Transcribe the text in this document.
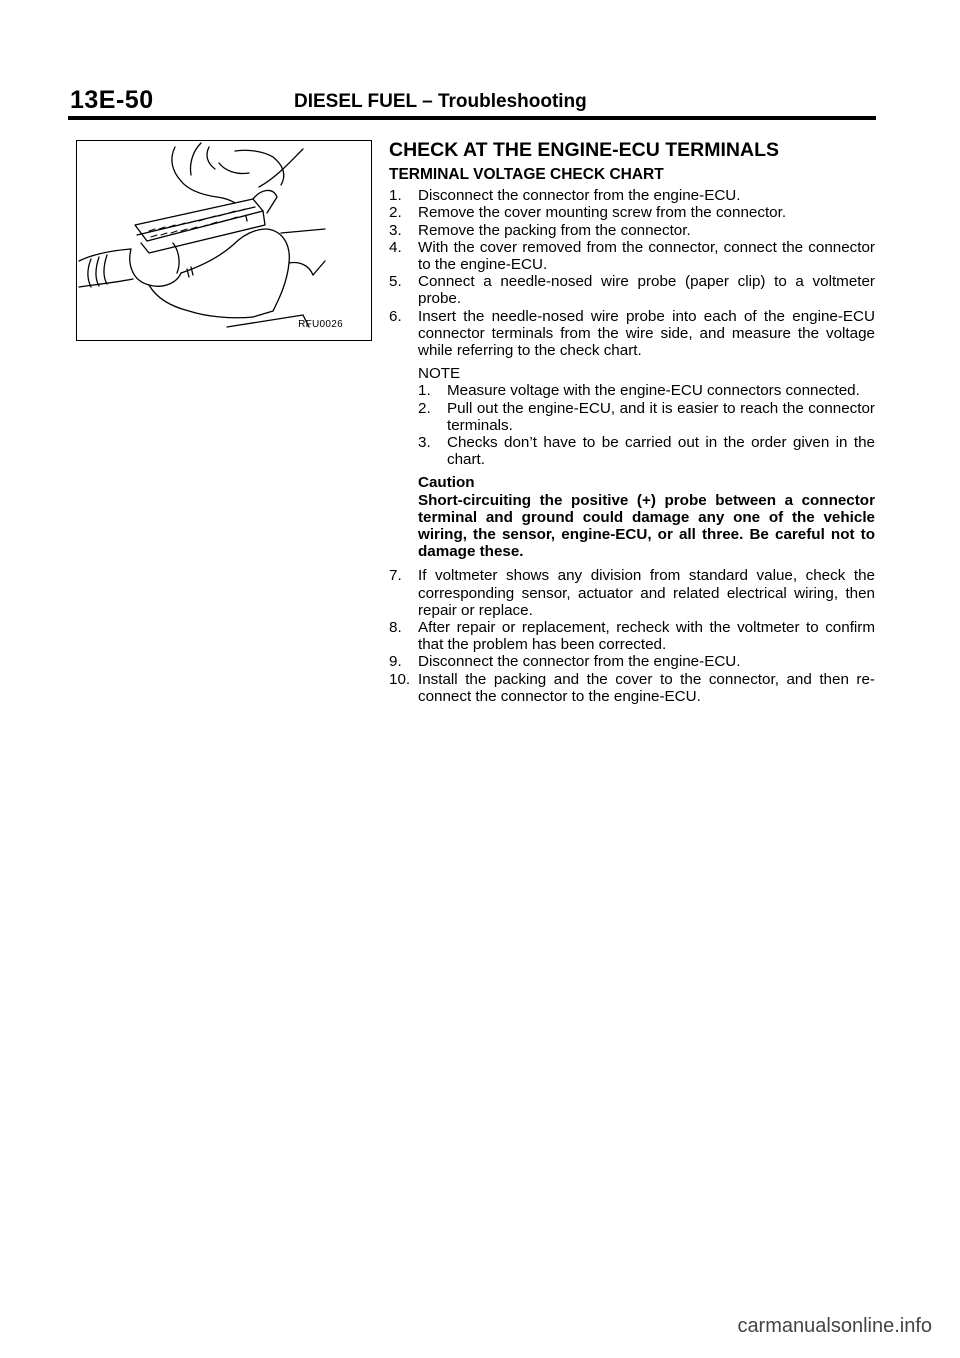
13E-50	DIESEL FUEL – Troubleshooting
RFU0026
CHECK AT THE ENGINE-ECU TERMINALS
TERMINAL VOLTAGE CHECK CHART
1. Disconnect the connector from the engine-ECU.
2. Remove the cover mounting screw from the connector.
3. Remove the packing from the connector.
4. With the cover removed from the connector, connect the connector to the engine-ECU.
5. Connect a needle-nosed wire probe (paper clip) to a voltmeter probe.
6. Insert the needle-nosed wire probe into each of the engine-ECU connector terminals from the wire side, and measure the voltage while referring to the check chart.
NOTE
1. Measure voltage with the engine-ECU connectors connected.
2. Pull out the engine-ECU, and it is easier to reach the connector terminals.
3. Checks don’t have to be carried out in the order given in the chart.
Caution
Short-circuiting the positive (+) probe between a connector terminal and ground could damage any one of the vehicle wiring, the sensor, engine-ECU, or all three. Be careful not to damage these.
7. If voltmeter shows any division from standard value, check the corresponding sensor, actuator and related electrical wiring, then repair or replace.
8. After repair or replacement, recheck with the voltmeter to confirm that the problem has been corrected.
9. Disconnect the connector from the engine-ECU.
10. Install the packing and the cover to the connector, and then re-connect the connector to the engine-ECU.
carmanualsonline.info
